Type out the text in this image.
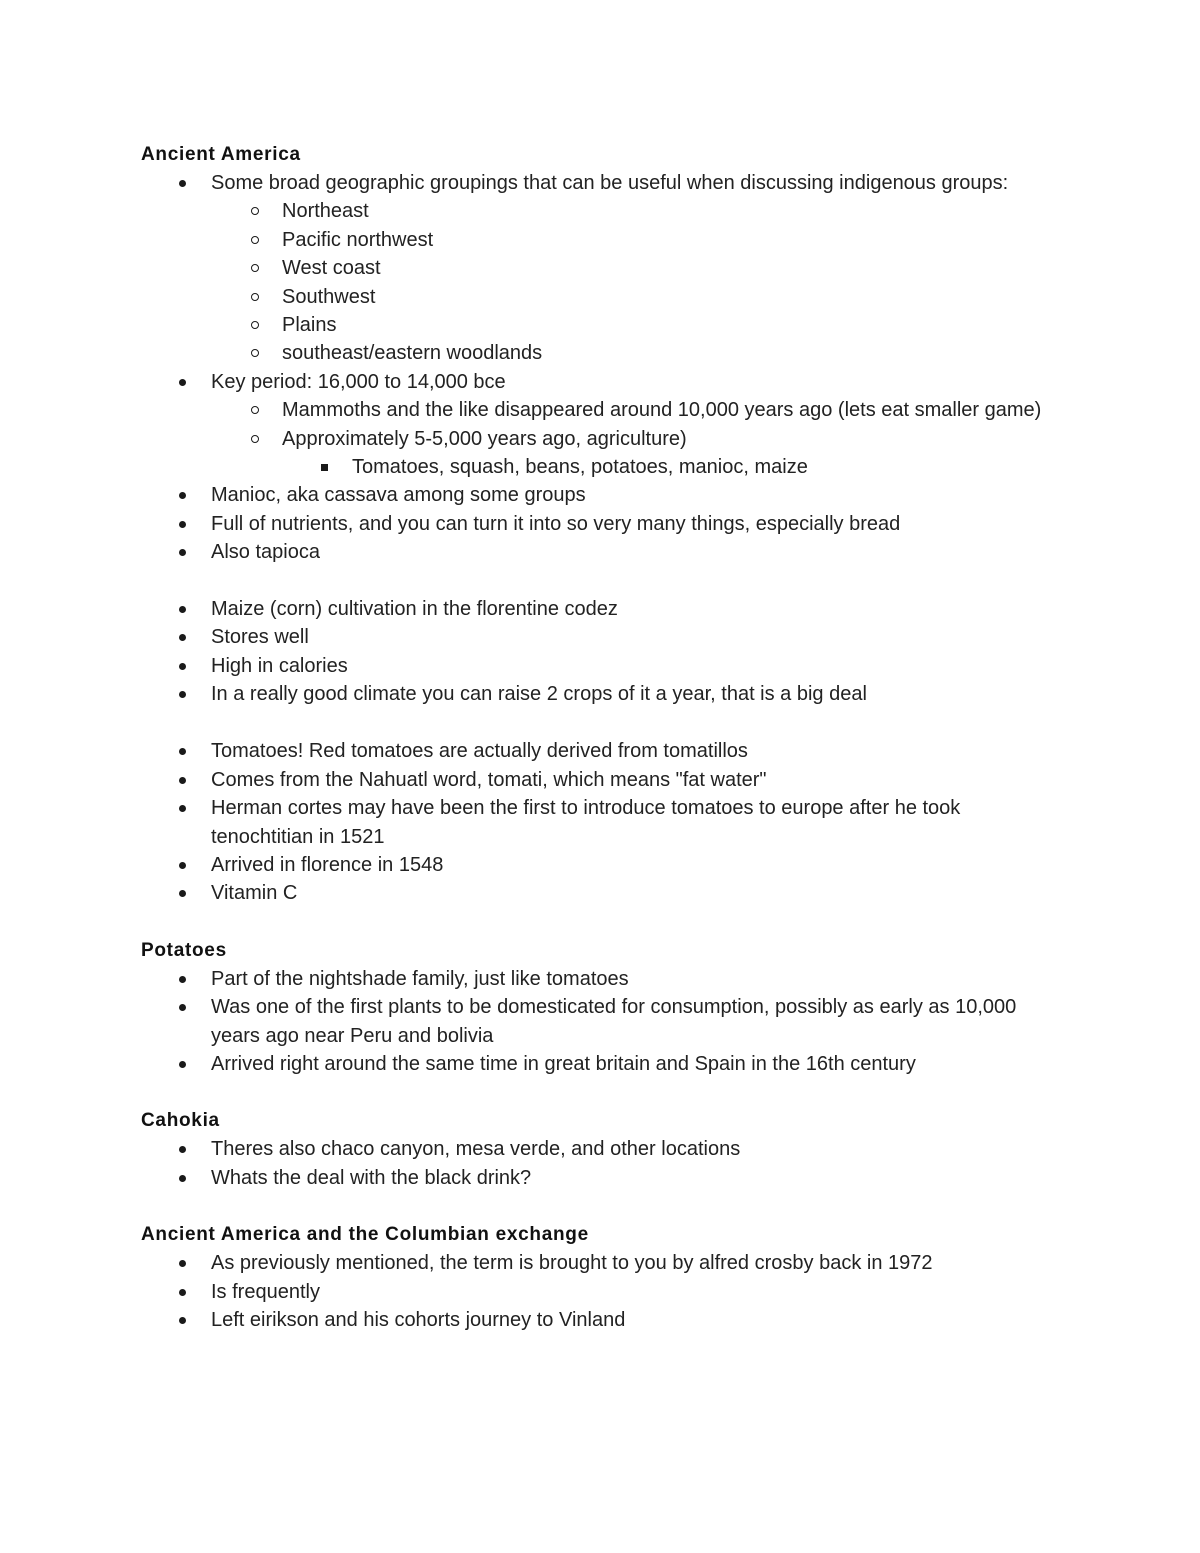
Ancient America
Some broad geographic groupings that can be useful when discussing indigenous groups:
Northeast
Pacific northwest
West coast
Southwest
Plains
southeast/eastern woodlands
Key period: 16,000 to 14,000 bce
Mammoths and the like disappeared around 10,000 years ago (lets eat smaller game)
Approximately 5-5,000 years ago, agriculture)
Tomatoes, squash, beans, potatoes, manioc, maize
Manioc, aka cassava among some groups
Full of nutrients, and you can turn it into so very many things, especially bread
Also tapioca
Maize (corn) cultivation in the florentine codez
Stores well
High in calories
In a really good climate you can raise 2 crops of it a year, that is a big deal
Tomatoes! Red tomatoes are actually derived from tomatillos
Comes from the Nahuatl word, tomati, which means "fat water"
Herman cortes may have been the first to introduce tomatoes to europe after he took tenochtitian in 1521
Arrived in florence in 1548
Vitamin C
Potatoes
Part of the nightshade family, just like tomatoes
Was one of the first plants to be domesticated for consumption, possibly as early as 10,000 years ago near Peru and bolivia
Arrived right around the same time in great britain and Spain in the 16th century
Cahokia
Theres also chaco canyon, mesa verde, and other locations
Whats the deal with the black drink?
Ancient America and the Columbian exchange
As previously mentioned, the term is brought to you by alfred crosby back in 1972
Is frequently
Left eirikson and his cohorts journey to Vinland
